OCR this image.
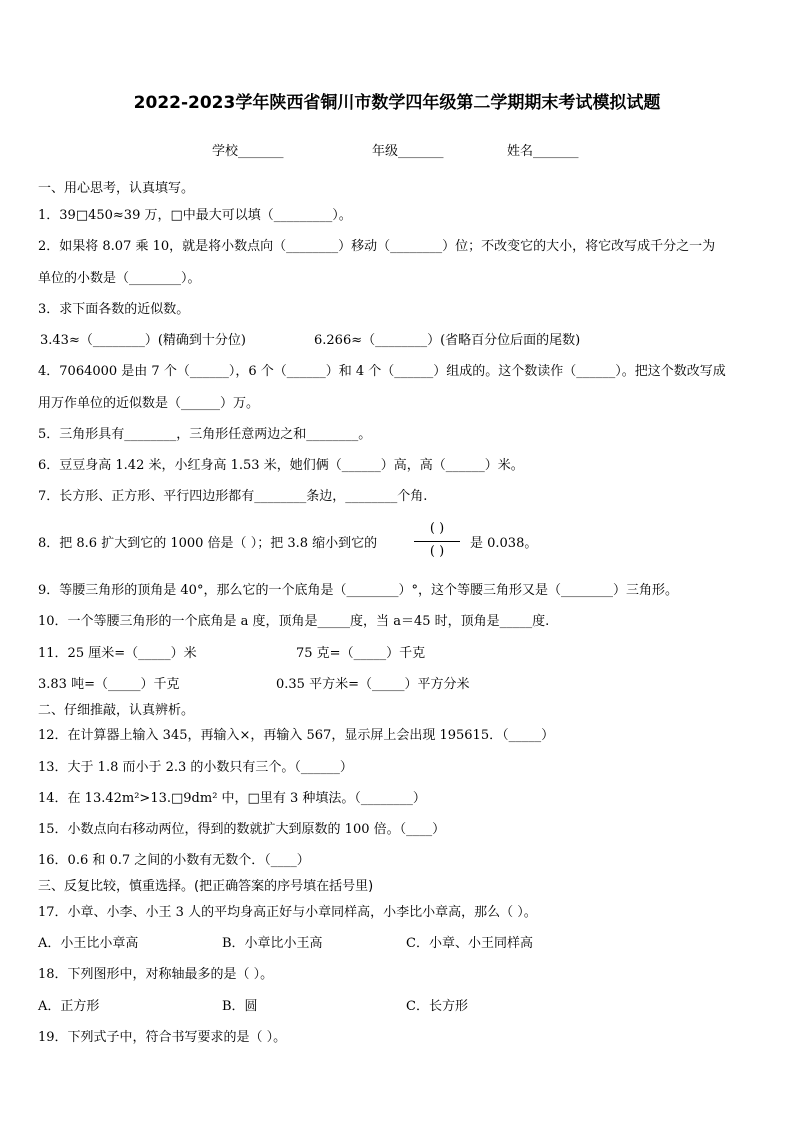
2022-2023学年陕西省铜川市数学四年级第二学期期末考试模拟试题
学校_______	年级_______	姓名_______
一、用心思考，认真填写。
1．39□450≈39 万，□中最大可以填（_________）。
2．如果将 8.07 乘 10，就是将小数点向（________）移动（________）位；不改变它的大小，将它改写成千分之一为
单位的小数是（________）。
3．求下面各数的近似数。
3.43≈（________）(精确到十分位)	6.266≈（________）(省略百分位后面的尾数)
4．7064000 是由 7 个（______），6 个（______）和 4 个（______）组成的。这个数读作（______）。把这个数改写成
用万作单位的近似数是（______）万。
5．三角形具有________，三角形任意两边之和________。
6．豆豆身高 1.42 米，小红身高 1.53 米，她们俩（______）高，高（______）米。
7．长方形、正方形、平行四边形都有________条边，________个角.
8．把 8.6 扩大到它的 1000 倍是（ ）；把 3.8 缩小到它的
( )
( )
是 0.038。
9．等腰三角形的顶角是 40°，那么它的一个底角是（________）°，这个等腰三角形又是（________）三角形。
10．一个等腰三角形的一个底角是 a 度，顶角是_____度，当 a＝45 时，顶角是_____度.
11．25 厘米=（_____）米	75 克=（_____）千克
3.83 吨=（_____）千克	0.35 平方米=（_____）平方分米
二、仔细推敲，认真辨析。
12．在计算器上输入 345，再输入×，再输入 567，显示屏上会出现 195615．（_____）
13．大于 1.8 而小于 2.3 的小数只有三个。（______）
14．在 13.42m²>13.□9dm² 中，□里有 3 种填法。（________）
15．小数点向右移动两位，得到的数就扩大到原数的 100 倍。（____）
16．0.6 和 0.7 之间的小数有无数个．（____）
三、反复比较，慎重选择。(把正确答案的序号填在括号里)
17．小章、小李、小王 3 人的平均身高正好与小章同样高，小李比小章高，那么（ ）。
A．小王比小章高	B．小章比小王高	C．小章、小王同样高
18．下列图形中，对称轴最多的是（ ）。
A．正方形	B．圆	C．长方形
19．下列式子中，符合书写要求的是（ ）。
